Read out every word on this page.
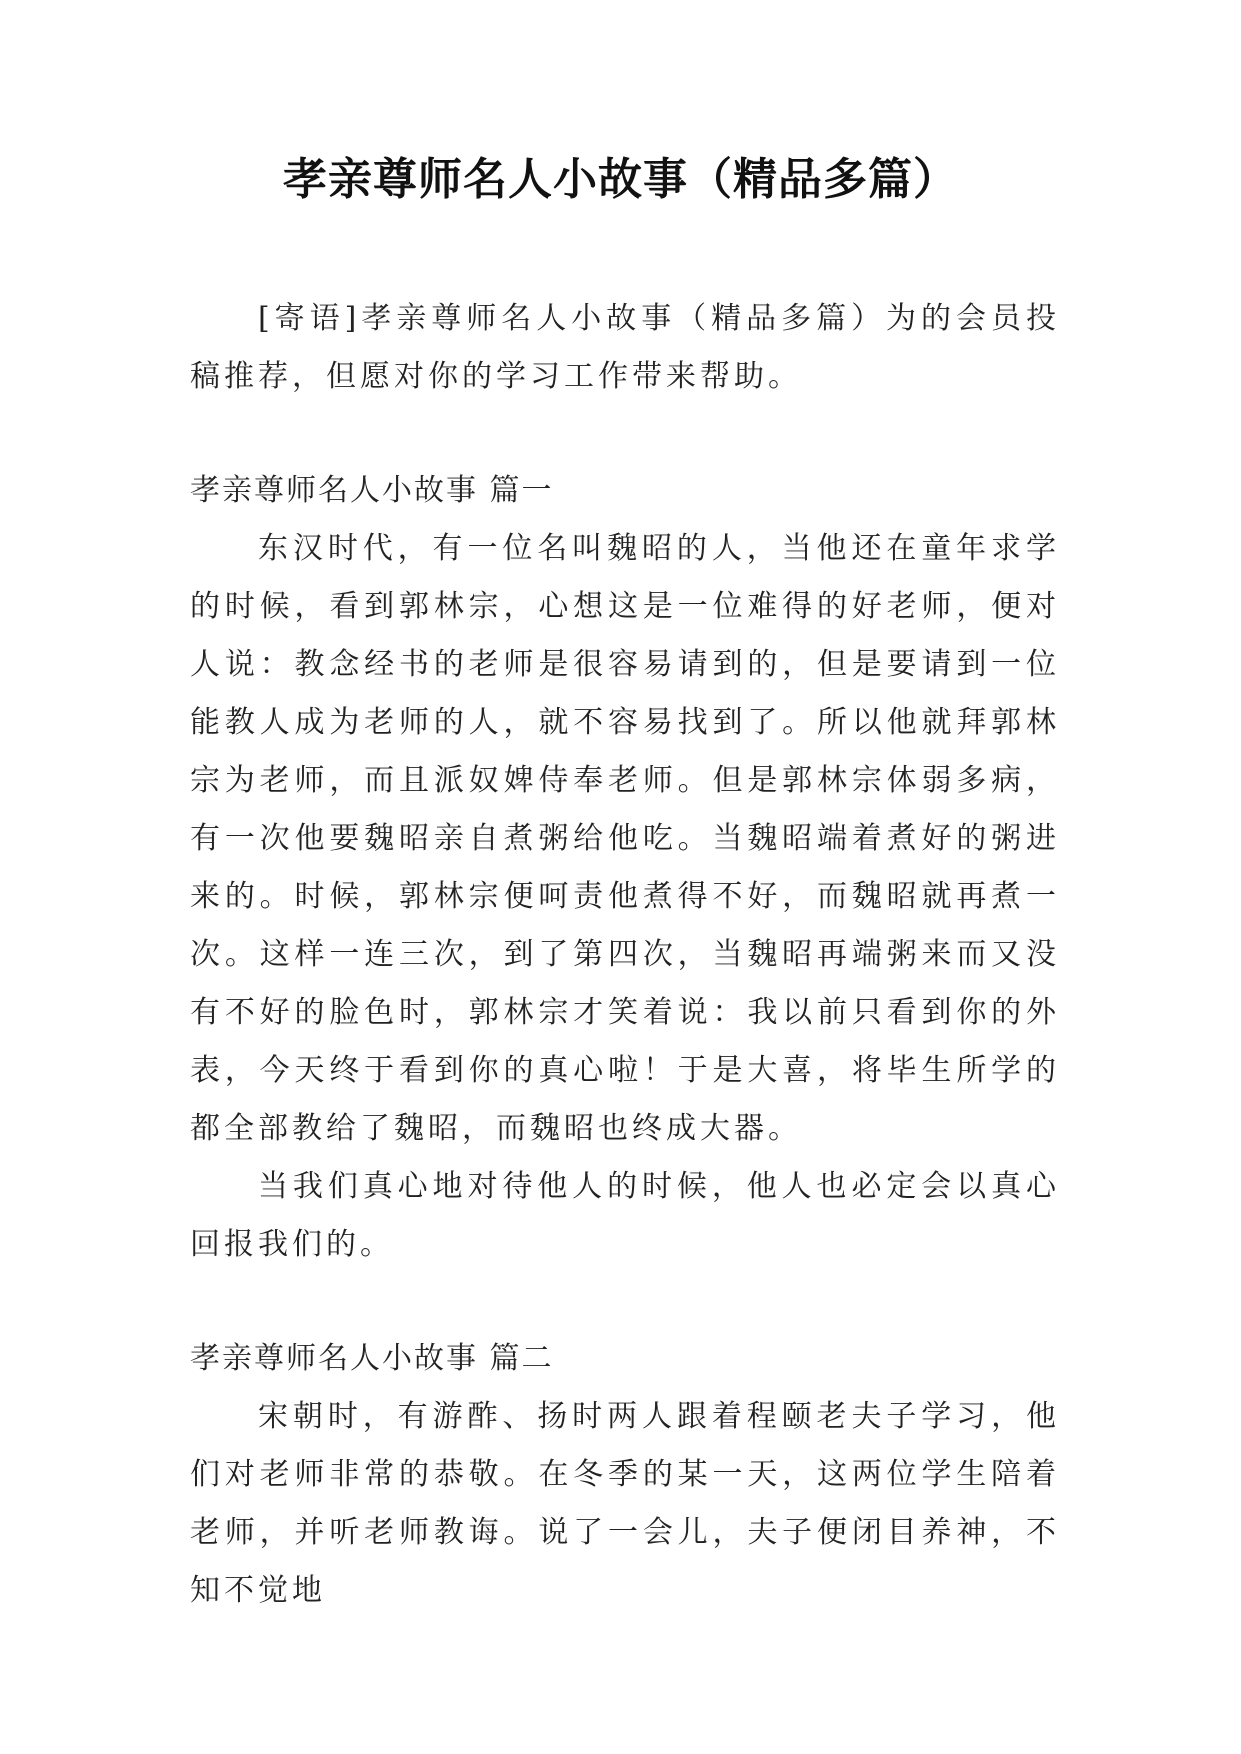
孝亲尊师名人小故事（精品多篇）

[寄语]孝亲尊师名人小故事（精品多篇）为的会员投稿推荐，但愿对你的学习工作带来帮助。

孝亲尊师名人小故事 篇一

东汉时代，有一位名叫魏昭的人，当他还在童年求学的时候，看到郭林宗，心想这是一位难得的好老师，便对人说：教念经书的老师是很容易请到的，但是要请到一位能教人成为老师的人，就不容易找到了。所以他就拜郭林宗为老师，而且派奴婢侍奉老师。但是郭林宗体弱多病，有一次他要魏昭亲自煮粥给他吃。当魏昭端着煮好的粥进来的。时候，郭林宗便呵责他煮得不好，而魏昭就再煮一次。这样一连三次，到了第四次，当魏昭再端粥来而又没有不好的脸色时，郭林宗才笑着说：我以前只看到你的外表，今天终于看到你的真心啦！于是大喜，将毕生所学的都全部教给了魏昭，而魏昭也终成大器。

当我们真心地对待他人的时候，他人也必定会以真心回报我们的。

孝亲尊师名人小故事 篇二

宋朝时，有游酢、扬时两人跟着程颐老夫子学习，他们对老师非常的恭敬。在冬季的某一天，这两位学生陪着老师，并听老师教诲。说了一会儿，夫子便闭目养神，不知不觉地
